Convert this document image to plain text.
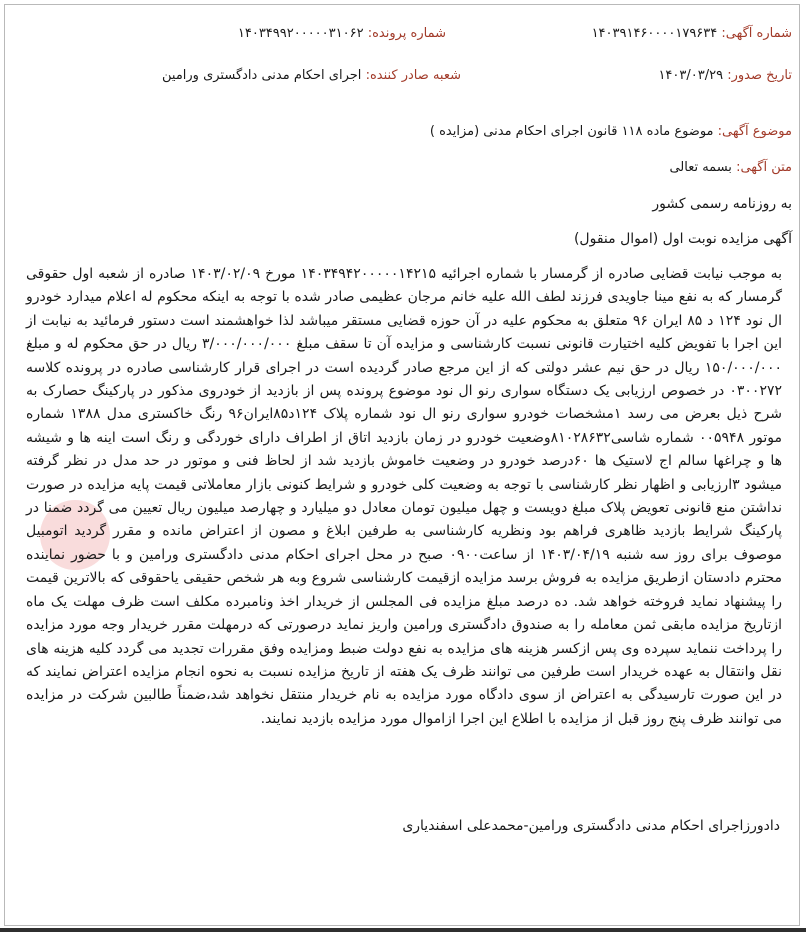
شماره آگهی: ۱۴۰۳۹۱۴۶۰۰۰۰۱۷۹۶۳۴
شماره پرونده: ۱۴۰۳۴۹۹۲۰۰۰۰۰۳۱۰۶۲
تاریخ صدور: ۱۴۰۳/۰۳/۲۹
شعبه صادر کننده: اجرای احکام مدنی دادگستری ورامین
موضوع آگهی: موضوع ماده ۱۱۸ قانون اجرای احکام مدنی (مزایده )
متن آگهی: بسمه تعالی
به روزنامه رسمی کشور
آگهی مزایده نوبت اول (اموال منقول)
به موجب نیابت قضایی صادره از گرمسار با شماره اجرائیه ۱۴۰۳۴۹۴۲۰۰۰۰۰۱۴۲۱۵ مورخ ۱۴۰۳/۰۲/۰۹ صادره از شعبه اول حقوقی گرمسار که به نفع مینا جاویدی فرزند لطف الله علیه خانم مرجان عظیمی صادر شده با توجه به اینکه محکوم له اعلام میدارد خودرو ال نود ۱۲۴ د ۸۵ ایران ۹۶ متعلق به محکوم علیه در آن حوزه قضایی مستقر میباشد لذا خواهشمند است دستور فرمائید به نیابت از این اجرا با تفویض کلیه اختیارت قانونی نسبت کارشناسی و مزایده آن تا سقف مبلغ ۳/۰۰۰/۰۰۰/۰۰۰ ریال در حق محکوم له و مبلغ ۱۵۰/۰۰۰/۰۰۰ ریال در حق نیم عشر دولتی که از این مرجع صادر گردیده است در اجرای قرار کارشناسی صادره در پرونده کلاسه ۰۳۰۰۲۷۲ در خصوص ارزیابی یک دستگاه سواری رنو ال نود موضوع پرونده پس از بازدید از خودروی مذکور در پارکینگ حصارک به شرح ذیل بعرض می رسد ۱مشخصات خودرو سواری رنو ال نود شماره پلاک ۱۲۴د۸۵ایران۹۶ رنگ خاکستری مدل ۱۳۸۸ شماره موتور ۰۰۵۹۴۸ شماره شاسی۸۱۰۲۸۶۳۲وضعیت خودرو در زمان بازدید اتاق از اطراف دارای خوردگی و رنگ است اینه ها و شیشه ها و چراغها سالم اج لاستیک ها ۶۰درصد خودرو در وضعیت خاموش بازدید شد از لحاظ فنی و موتور در حد مدل در نظر گرفته میشود ۳ارزیابی و اظهار نظر کارشناسی با توجه به وضعیت کلی خودرو و شرایط کنونی بازار معاملاتی قیمت پایه مزایده در صورت نداشتن منع قانونی تعویض پلاک مبلغ دویست و چهل میلیون تومان معادل دو میلیارد و چهارصد میلیون ریال تعیین می گردد ضمنا در پارکینگ شرایط بازدید ظاهری فراهم بود ونظریه کارشناسی به طرفین ابلاغ و مصون از اعتراض مانده و مقرر گردید اتومبیل موصوف برای روز سه شنبه ۱۴۰۳/۰۴/۱۹ از ساعت۰۹۰۰ صبح در محل اجرای احکام مدنی دادگستری ورامین و با حضور نماینده محترم دادستان ازطریق مزایده به فروش برسد مزایده ازقیمت کارشناسی شروع وبه هر شخص حقیقی یاحقوقی که بالاترین قیمت را پیشنهاد نماید فروخته خواهد شد. ده درصد مبلغ مزایده فی المجلس از خریدار اخذ ونامبرده مکلف است ظرف مهلت یک ماه ازتاریخ مزایده مابقی ثمن معامله را به صندوق دادگستری ورامین واریز نماید درصورتی که درمهلت مقرر خریدار وجه مورد مزایده را پرداخت ننماید سپرده وی پس ازکسر هزینه های مزایده به نفع دولت ضبط ومزایده وفق مقررات تجدید می گردد کلیه هزینه های نقل وانتقال به عهده خریدار است طرفین می توانند ظرف یک هفته از تاریخ مزایده نسبت به نحوه انجام مزایده اعتراض نمایند که در این صورت تارسیدگی به اعتراض از سوی دادگاه مورد مزایده به نام خریدار منتقل نخواهد شد،ضمناً طالبین شرکت در مزایده می توانند ظرف پنج روز قبل از مزایده با اطلاع این اجرا ازاموال مورد مزایده بازدید نمایند.
دادورزاجرای احکام مدنی دادگستری ورامین-محمدعلی اسفندیاری
